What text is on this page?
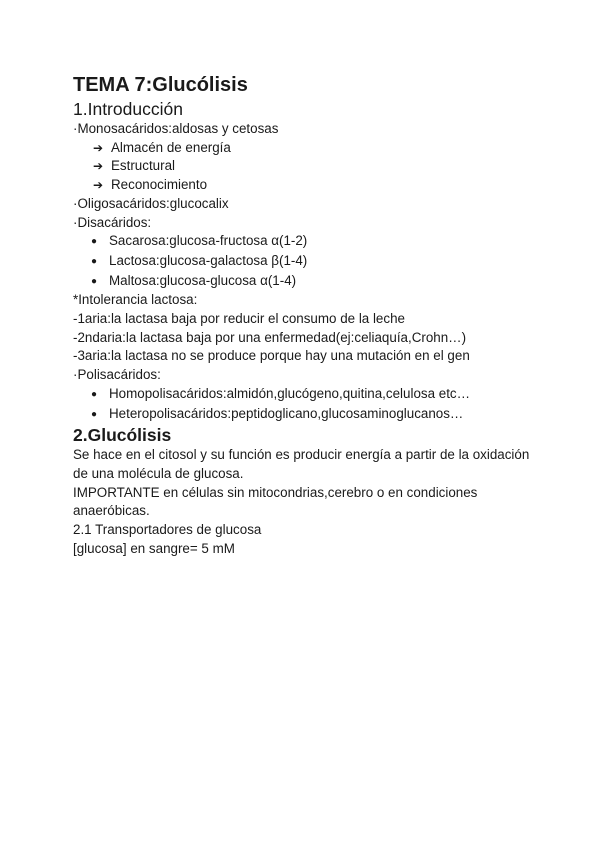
TEMA 7:Glucólisis
1.Introducción
·Monosacáridos:aldosas y cetosas
➔ Almacén de energía
➔ Estructural
➔ Reconocimiento
·Oligosacáridos:glucocalix
·Disacáridos:
● Sacarosa:glucosa-fructosa α(1-2)
● Lactosa:glucosa-galactosa β(1-4)
● Maltosa:glucosa-glucosa α(1-4)
*Intolerancia lactosa:
-1aria:la lactasa baja por reducir el consumo de la leche
-2ndaria:la lactasa baja por una enfermedad(ej:celiaquía,Crohn…)
-3aria:la lactasa no se produce porque hay una mutación en el gen
·Polisacáridos:
● Homopolisacáridos:almidón,glucógeno,quitina,celulosa etc…
● Heteropolisacáridos:peptidoglicano,glucosaminoglucanos…
2.Glucólisis
Se hace en el citosol y su función es producir energía a partir de la oxidación de una molécula de glucosa.
IMPORTANTE en células sin mitocondrias,cerebro o en condiciones anaeróbicas.
2.1 Transportadores de glucosa
[glucosa] en sangre= 5 mM
